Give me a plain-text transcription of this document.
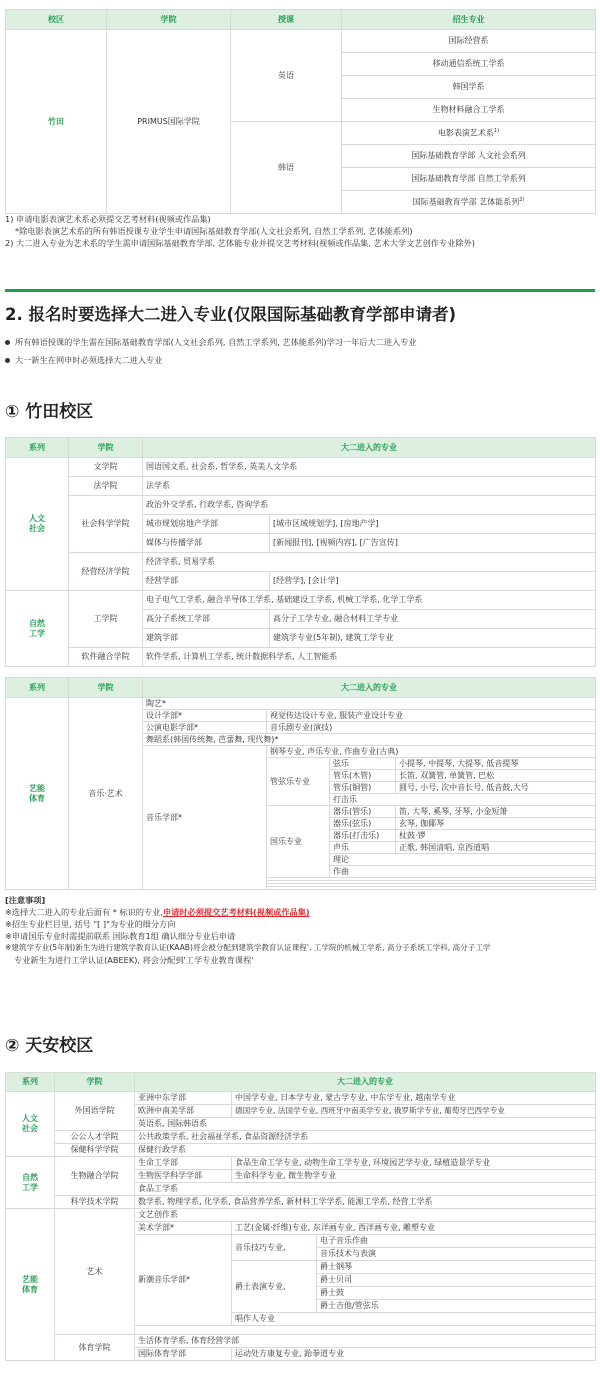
校区	学院	授课	招生专业
竹田	PRIMUS国际学院	英语	国际经营系
			移动通信系统工学系
			韩国学系
			生物材料融合工学系
		韩语	电影表演艺术系$^{1)}$
			国际基础教育学部 人文社会系列
			国际基础教育学部 自然工学系列
			国际基础教育学部 艺体能系列$^{2)}$
1) 申请电影表演艺术系必须提交艺考材料(视频或作品集)
*除电影表演艺术系的所有韩语授课专业学生申请国际基础教育学部(人文社会系列, 自然工学系列, 艺体能系列)
2) 大二进入专业为艺术系的学生需申请国际基础教育学部, 艺体能专业并提交艺考材料(视频或作品集, 艺术大学文艺创作专业除外)
2. 报名时要选择大二进入专业(仅限国际基础教育学部申请者)
所有韩语授课的学生需在国际基础教育学部(人文社会系列, 自然工学系列, 艺体能系列)学习一年后大二进入专业
大一新生在网申时必须选择大二进入专业
① 竹田校区
系列	学院	大二进入的专业	
人文
社会	文学院	国语国文系, 社会系, 哲学系, 英美人文学系	
	法学院	法学系	
	社会科学学院	政治外交学系, 行政学系, 咨询学系	
		城市规划房地产学部	[城市区域规划学], [房地产学]
		媒体与传播学部	[新闻报刊], [视频内容], [广告宣传]
	经营经济学院	经济学系, 贸易学系	
		经营学部	[经营学], [会计学]
自然
工学	工学院	电子电气工学系, 融合半导体工学系, 基础建设工学系, 机械工学系, 化学工学系	
		高分子系统工学部	高分子工学专业, 融合材料工学专业
		建筑学部	建筑学专业(5年制), 建筑工学专业
	软件融合学院	软件学系, 计算机工学系, 统计数据科学系, 人工智能系	
系列	学院	大二进入的专业			
艺能
体育	音乐·艺术	陶艺*			
		设计学部*	视觉传达设计专业, 服装产业设计专业		
		公演电影学部*	音乐剧专业(演技)		
		舞蹈系(韩国传统舞, 芭蕾舞, 现代舞)*			
		音乐学部*	钢琴专业, 声乐专业, 作曲专业(古典)		
			管弦乐专业	弦乐	小提琴, 中提琴, 大提琴, 低音提琴
				管乐(木管)	长笛, 双簧管, 单簧管, 巴松
				管乐(铜管)	圆号, 小号, 次中音长号, 低音鼓,大号
				打击乐	
			国乐专业	器乐(管乐)	笛, 大琴, 奚琴, 牙琴, 小金短箫
				器乐(弦乐)	玄琴, 伽倻琴
				器乐(打击乐)	杖鼓·锣
				声乐	正歌, 韩国清唱, 京西道唱
				理论	
				作曲	

[注意事项]
※选择大二进入的专业后面有 * 标识的专业,申请时必须提交艺考材料(视频或作品集)
※招生专业栏目里, 括号 "[ ]"为专业的细分方向
※申请国乐专业时需提前联系 国际教育1组 确认细分专业后申请
※建筑学专业(5年制)新生为进行建筑学教育认证(KAAB)将会被分配到建筑学教育认证课程', 工学院的机械工学系, 高分子系统工学科, 高分子工学
专业新生为进行工学认证(ABEEK), 将会分配到'工学专业教育课程'
② 天安校区
系列	学院	大二进入的专业		
人文
社会	外国语学院	亚洲中东学部	中国学专业, 日本学专业, 蒙古学专业, 中东学专业, 越南学专业	
		欧洲中南美学部	德国学专业, 法国学专业, 西班牙中南美学专业, 俄罗斯学专业, 葡萄牙巴西学专业	
		英语系, 国际韩语系		
	公公人才学院	公共政策学系, 社会福祉学系, 食品资源经济学系		
	保健科学学院	保健行政学系		
自然
工学	生物融合学院	生命工学部	食品生命工学专业, 动物生命工学专业, 环境园艺学专业, 绿植造景学专业	
		生物医学科学学部	生命科学专业, 微生物学专业	
		食品工学系		
	科学技术学院	数学系, 物理学系, 化学系, 食品营养学系, 新材料工学学系, 能源工学系, 经营工学系		
艺能
体育	艺术	文艺创作系		
		美术学部*	工艺(金属·纤维)专业, 东洋画专业, 西洋画专业, 雕塑专业	
		新潮音乐学部*	音乐技巧专业,	电子音乐作曲
				音乐技术与表演
			爵士表演专业,	爵士钢琴
				爵士贝司
				爵士鼓
				爵士吉他/管弦乐
			唱作人专业	

	体育学院	生活体育学系, 体育经营学部		
		国际体育学部	运动处方康复专业, 跆拳道专业	
